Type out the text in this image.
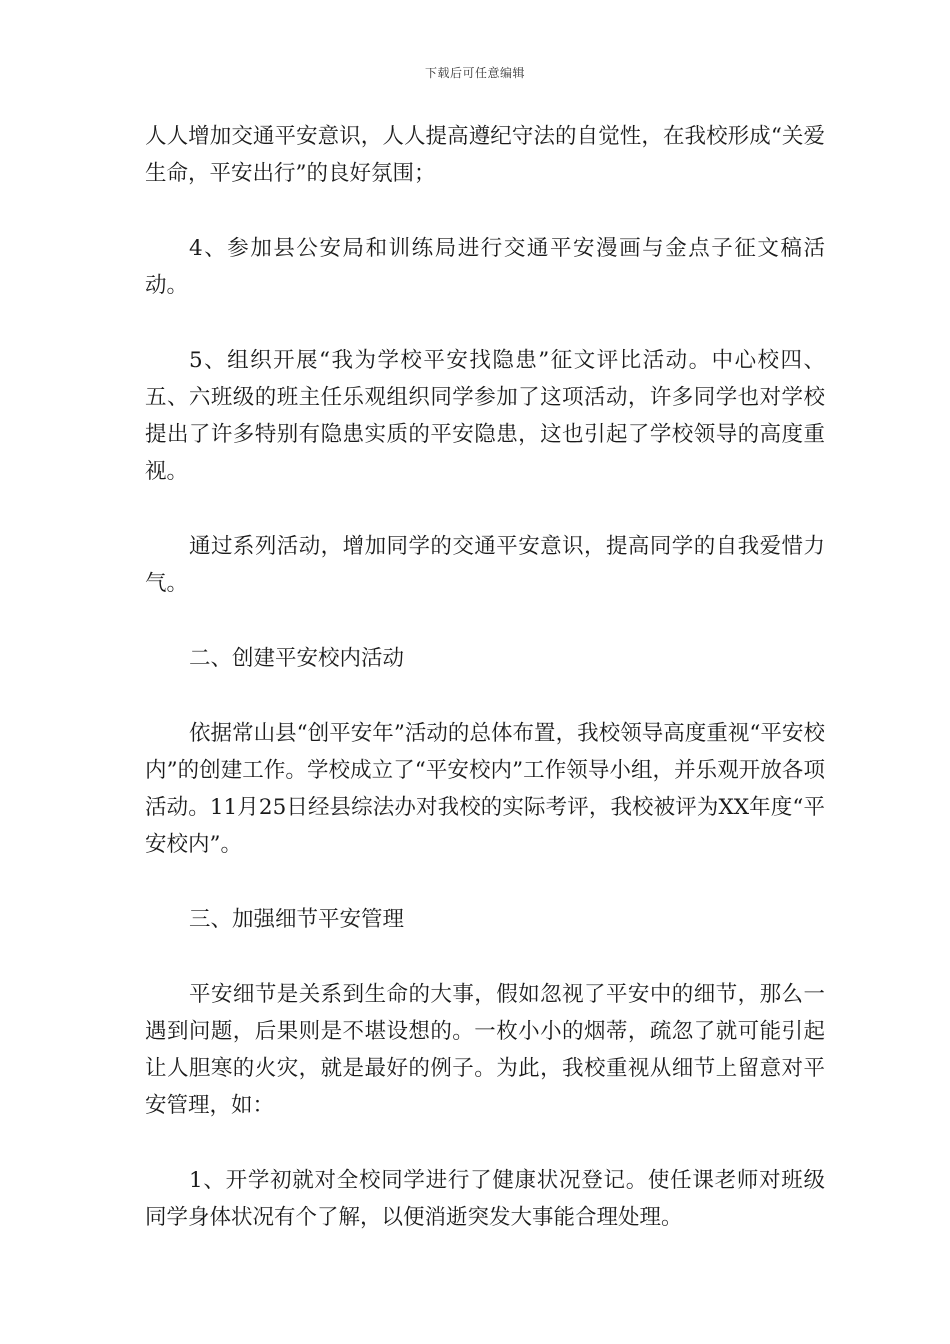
下载后可任意编辑

人人增加交通平安意识，人人提高遵纪守法的自觉性，在我校形成“关爱生命，平安出行”的良好氛围；

4、参加县公安局和训练局进行交通平安漫画与金点子征文稿活动。

5、组织开展“我为学校平安找隐患”征文评比活动。中心校四、五、六班级的班主任乐观组织同学参加了这项活动，许多同学也对学校提出了许多特别有隐患实质的平安隐患，这也引起了学校领导的高度重视。

通过系列活动，增加同学的交通平安意识，提高同学的自我爱惜力气。

二、创建平安校内活动

依据常山县“创平安年”活动的总体布置，我校领导高度重视“平安校内”的创建工作。学校成立了“平安校内”工作领导小组，并乐观开放各项活动。11月25日经县综法办对我校的实际考评，我校被评为XX年度“平安校内”。

三、加强细节平安管理

平安细节是关系到生命的大事，假如忽视了平安中的细节，那么一遇到问题，后果则是不堪设想的。一枚小小的烟蒂，疏忽了就可能引起让人胆寒的火灾，就是最好的例子。为此，我校重视从细节上留意对平安管理，如：

1、开学初就对全校同学进行了健康状况登记。使任课老师对班级同学身体状况有个了解，以便消逝突发大事能合理处理。
